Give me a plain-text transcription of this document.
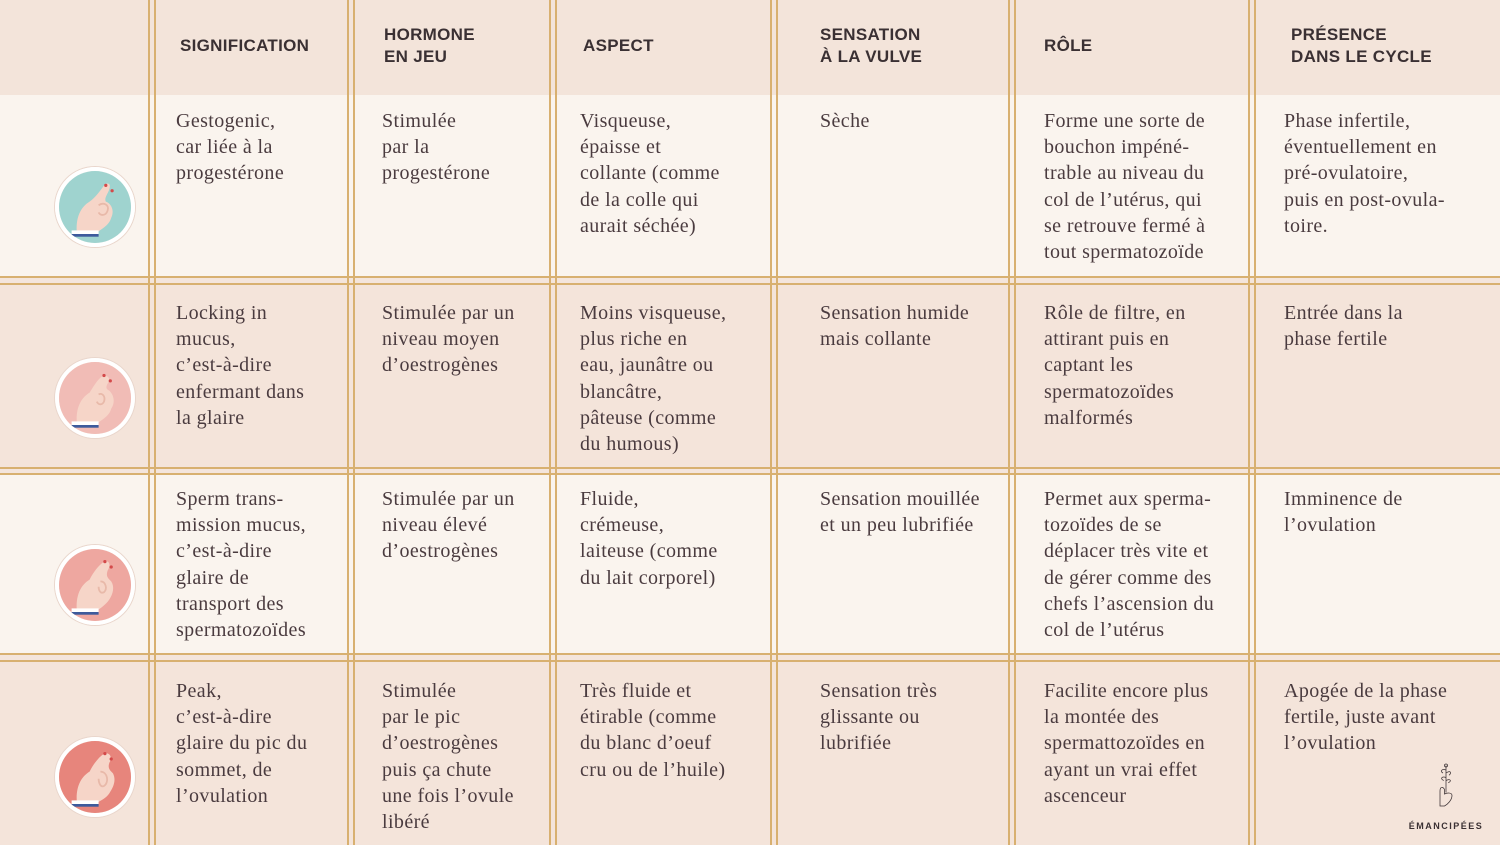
SIGNIFICATION
HORMONE
EN JEU
ASPECT
SENSATION
À LA VULVE
RÔLE
PRÉSENCE
DANS LE CYCLE
Gestogenic,
car liée à la
progestérone
Stimulée
par la
progestérone
Visqueuse,
épaisse et
collante (comme
de la colle qui
aurait séchée)
Sèche	Forme une sorte de
bouchon impéné-
trable au niveau du
col de l’utérus, qui
se retrouve fermé à
tout spermatozoïde
Phase infertile,
éventuellement en
pré-ovulatoire,
puis en post-ovula-
toire.
Locking in
mucus,
c’est-à-dire
enfermant dans
la glaire
Stimulée par un
niveau moyen
d’oestrogènes
Moins visqueuse,
plus riche en
eau, jaunâtre ou
blancâtre,
pâteuse (comme
du humous)
Sensation humide
mais collante
Rôle de filtre, en
attirant puis en
captant les
spermatozoïdes
malformés
Entrée dans la
phase fertile
Sperm trans-
mission mucus,
c’est-à-dire
glaire de
transport des
spermatozoïdes
Stimulée par un
niveau élevé
d’oestrogènes
Fluide,
crémeuse,
laiteuse (comme
du lait corporel)
Sensation mouillée
et un peu lubrifiée
Permet aux sperma-
tozoïdes de se
déplacer très vite et
de gérer comme des
chefs l’ascension du
col de l’utérus
Imminence de
l’ovulation
Peak,
c’est-à-dire
glaire du pic du
sommet, de
l’ovulation
Stimulée
par le pic
d’oestrogènes
puis ça chute
une fois l’ovule
libéré
Très fluide et
étirable (comme
du blanc d’oeuf
cru ou de l’huile)
Sensation très
glissante ou
lubrifiée
Facilite encore plus
la montée des
spermattozoïdes en
ayant un vrai effet
ascenceur
Apogée de la phase
fertile, juste avant
l’ovulation
ÉMANCIPÉES
